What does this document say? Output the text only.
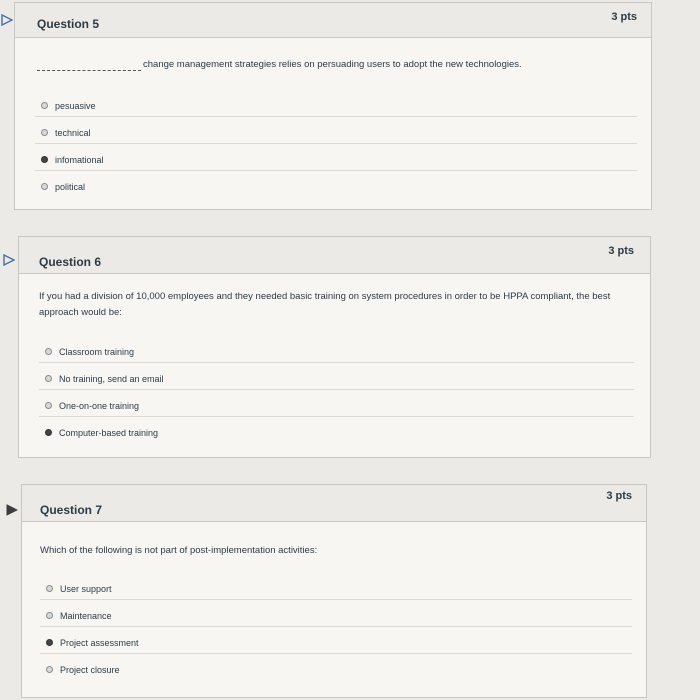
Question 5	3 pts
change management strategies relies on persuading users to adopt the new technologies.
pesuasive
technical
infomational
political
Question 6
3 pts
If you had a division of 10,000 employees and they needed basic training on system procedures in order to be HPPA compliant, the best approach would be:
Classroom training
No training, send an email
One-on-one training
Computer-based training
Question 7
3 pts
Which of the following is not part of post-implementation activities:
User support
Maintenance
Project assessment
Project closure
